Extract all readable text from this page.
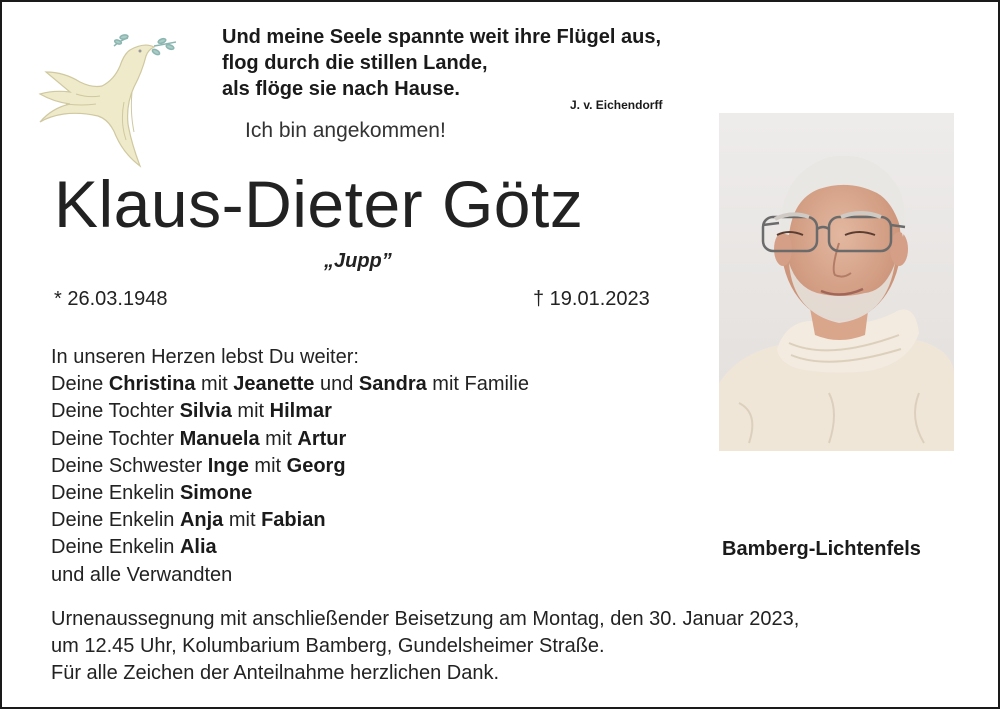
Und meine Seele spannte weit ihre Flügel aus,
flog durch die stillen Lande,
als flöge sie nach Hause.
J. v. Eichendorff
Ich bin angekommen!
Klaus-Dieter Götz
„Jupp”
* 26.03.1948	† 19.01.2023
In unseren Herzen lebst Du weiter:
Deine Christina mit Jeanette und Sandra mit Familie
Deine Tochter Silvia mit Hilmar
Deine Tochter Manuela mit Artur
Deine Schwester Inge mit Georg
Deine Enkelin Simone
Deine Enkelin Anja mit Fabian
Deine Enkelin Alia
und alle Verwandten
Bamberg-Lichtenfels
Urnenaussegnung mit anschließender Beisetzung am Montag, den 30. Januar 2023,
um 12.45 Uhr, Kolumbarium Bamberg, Gundelsheimer Straße.
Für alle Zeichen der Anteilnahme herzlichen Dank.
